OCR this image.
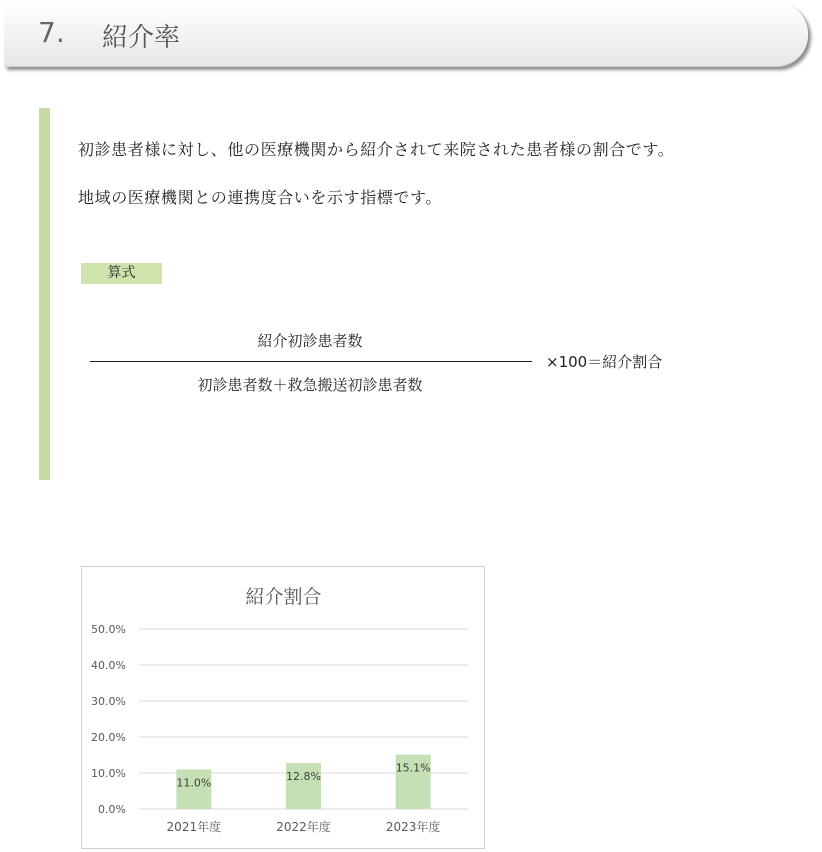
7. 紹介率
初診患者様に対し、他の医療機関から紹介されて来院された患者様の割合です。
地域の医療機関との連携度合いを示す指標です。
算式
紹介初診患者数
初診患者数＋救急搬送初診患者数
×100＝紹介割合
紹介割合
0.0%
10.0%
20.0%
30.0%
40.0%
50.0%
11.0%
2021年度
12.8%
2022年度
15.1%
2023年度
